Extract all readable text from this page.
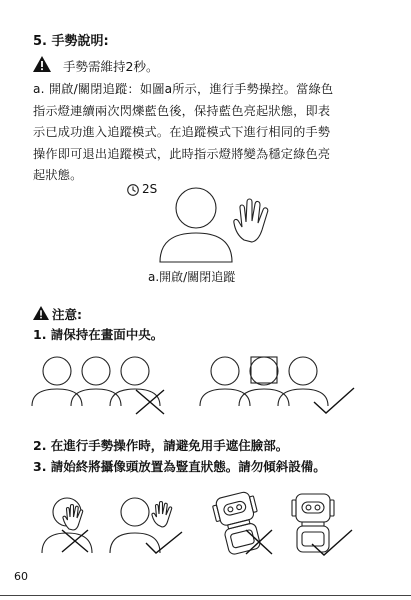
5. 手勢說明:
手勢需維持2秒。
a. 開啟/關閉追蹤：如圖a所示，進行手勢操控。當綠色
指示燈連續兩次閃爍藍色後，保持藍色亮起狀態，即表
示已成功進入追蹤模式。在追蹤模式下進行相同的手勢
操作即可退出追蹤模式，此時指示燈將變為穩定綠色亮
起狀態。
2S
a.開啟/關閉追蹤
注意:
1. 請保持在畫面中央。
2. 在進行手勢操作時，請避免用手遮住臉部。
3. 請始終將攝像頭放置為豎直狀態。請勿傾斜設備。
60
